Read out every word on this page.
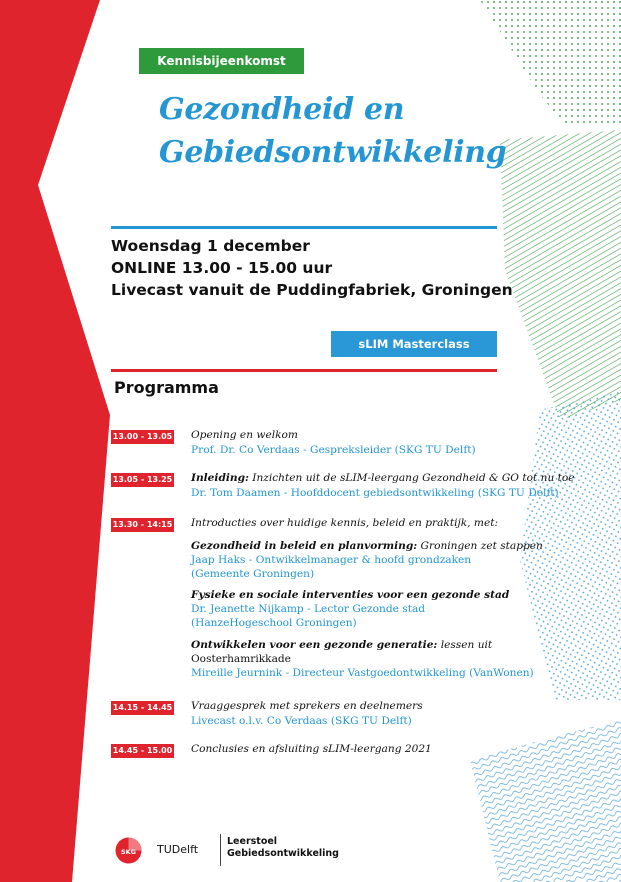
Kennisbijeenkomst
Gezondheid en
Gebiedsontwikkeling
Woensdag 1 december
ONLINE 13.00 - 15.00 uur
Livecast vanuit de Puddingfabriek, Groningen
sLIM Masterclass
Programma
13.00 - 13.05 Opening en welkom
Prof. Dr. Co Verdaas - Gespreksleider (SKG TU Delft)
13.05 - 13.25 Inleiding: Inzichten uit de sLIM-leergang Gezondheid & GO tot nu toe
Dr. Tom Daamen - Hoofddocent gebiedsontwikkeling (SKG TU Delft)
13.30 - 14:15 Introducties over huidige kennis, beleid en praktijk, met:
Gezondheid in beleid en planvorming: Groningen zet stappen
Jaap Haks - Ontwikkelmanager & hoofd grondzaken
(Gemeente Groningen)
Fysieke en sociale interventies voor een gezonde stad
Dr. Jeanette Nijkamp - Lector Gezonde stad
(HanzeHogeschool Groningen)
Ontwikkelen voor een gezonde generatie: lessen uit
Oosterhamrikkade
Mireille Jeurnink - Directeur Vastgoedontwikkeling (VanWonen)
14.15 - 14.45 Vraaggesprek met sprekers en deelnemers
Livecast o.l.v. Co Verdaas (SKG TU Delft)
14.45 - 15.00 Conclusies en afsluiting sLIM-leergang 2021
SKG TUDelft
Leerstoel
Gebiedsontwikkeling
